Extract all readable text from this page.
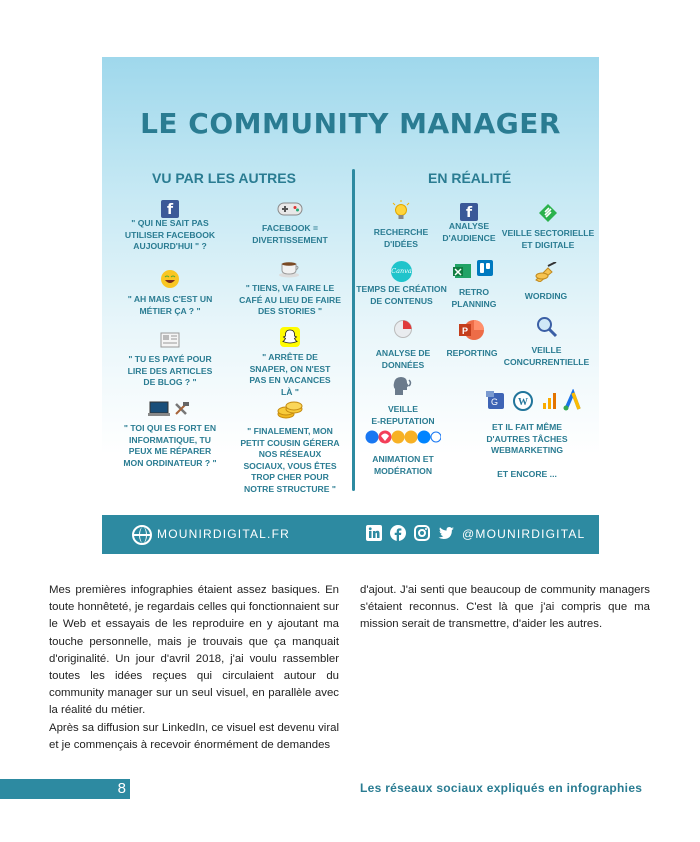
LE COMMUNITY MANAGER
VU PAR LES AUTRES	EN RÉALITÉ
f
" QUI NE SAIT PAS
UTILISER FACEBOOK
AUJOURD'HUI " ?
FACEBOOK =
DIVERTISSEMENT
" AH MAIS C'EST UN
MÉTIER ÇA ? "
" TIENS, VA FAIRE LE
CAFÉ AU LIEU DE FAIRE
DES STORIES "
" TU ES PAYÉ POUR
LIRE DES ARTICLES
DE BLOG ? "
" ARRÊTE DE
SNAPER, ON N'EST
PAS EN VACANCES
LÀ "
" TOI QUI ES FORT EN
INFORMATIQUE, TU
PEUX ME RÉPARER
MON ORDINATEUR ? "
" FINALEMENT, MON
PETIT COUSIN GÉRERA
NOS RÉSEAUX
SOCIAUX, VOUS ÊTES
TROP CHER POUR
NOTRE STRUCTURE "
RECHERCHE
D'IDÉES
f
ANALYSE
D'AUDIENCE VEILLE SECTORIELLE
ET DIGITALE
Canva
TEMPS DE CRÉATION
DE CONTENUS
RETRO
PLANNING
WORDING
ANALYSE DE
DONNÉES
P
REPORTING	VEILLE
CONCURRENTIELLE
VEILLE
E-REPUTATION
G W
ET IL FAIT MÊME
D'AUTRES TÂCHES
WEBMARKETING
ANIMATION ET
MODÉRATION	ET ENCORE ...
MOUNIRDIGITAL.FR	@MOUNIRDIGITAL

Mes premières infographies étaient assez basiques. En toute honnêteté, je regardais celles qui fonctionnaient sur le Web et essayais de les reproduire en y ajoutant ma touche personnelle, mais je trouvais que ça manquait d'originalité. Un jour d'avril 2018, j'ai voulu rassembler toutes les idées reçues qui circulaient autour du community manager sur un seul visuel, en parallèle avec la réalité du métier.

Après sa diffusion sur LinkedIn, ce visuel est devenu viral et je commençais à recevoir énormément de demandes

d'ajout. J'ai senti que beaucoup de community managers s'étaient reconnus. C'est là que j'ai compris que ma mission serait de transmettre, d'aider les autres.

8	Les réseaux sociaux expliqués en infographies
